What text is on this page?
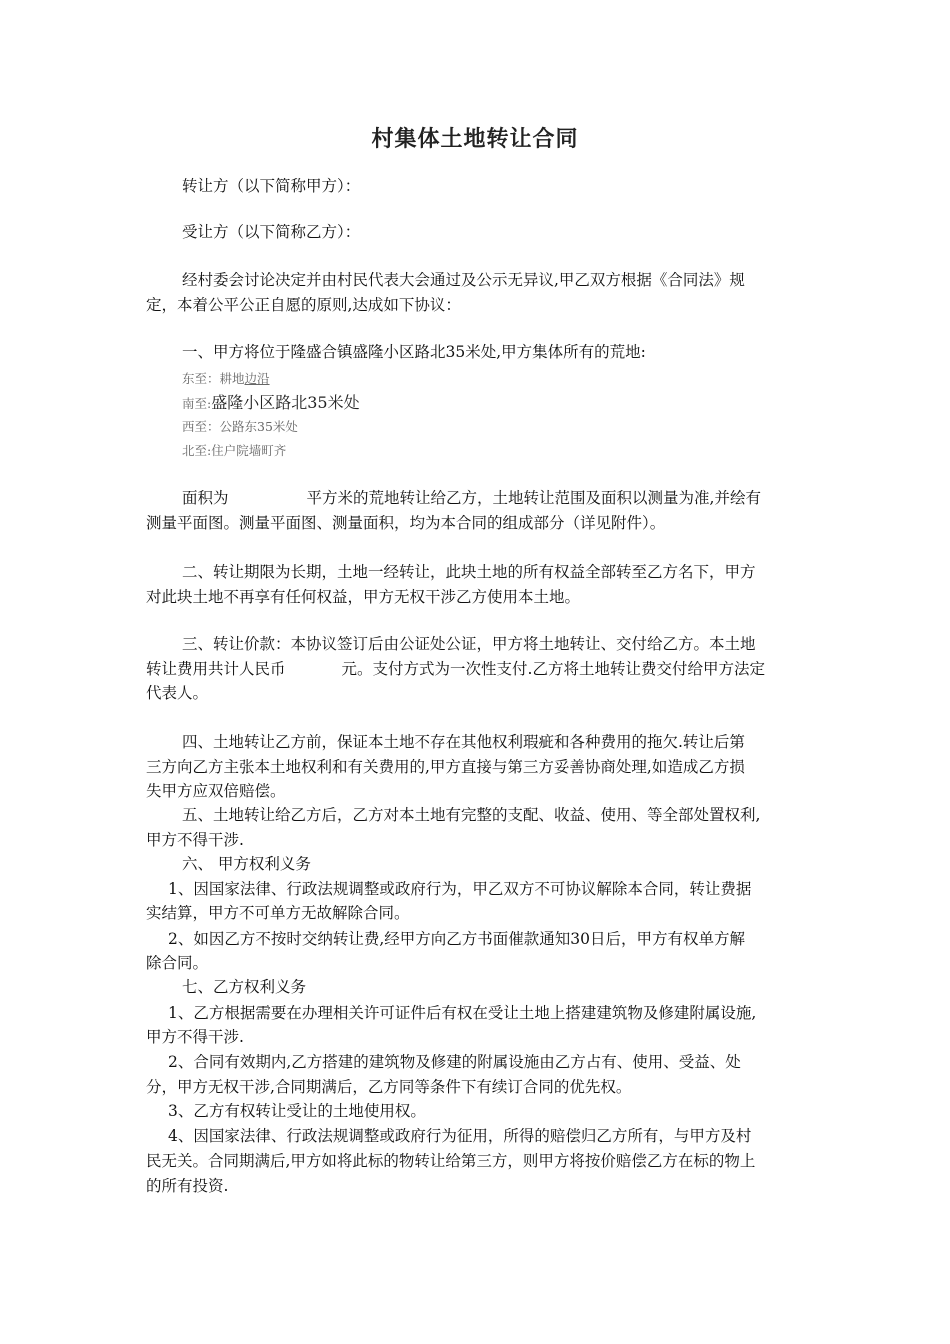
村集体土地转让合同
转让方（以下简称甲方）：
受让方（以下简称乙方）：
经村委会讨论决定并由村民代表大会通过及公示无异议,甲乙双方根据《合同法》规
定，本着公平公正自愿的原则,达成如下协议：
一、甲方将位于隆盛合镇盛隆小区路北35米处,甲方集体所有的荒地:
东至：耕地边沿
南至:盛隆小区路北35米处
西至：公路东35米处
北至:住户院墙町齐
面积为	平方米的荒地转让给乙方，土地转让范围及面积以测量为准,并绘有
测量平面图。测量平面图、测量面积，均为本合同的组成部分（详见附件）。
二、转让期限为长期，土地一经转让，此块土地的所有权益全部转至乙方名下，甲方
对此块土地不再享有任何权益，甲方无权干涉乙方使用本土地。
三、转让价款：本协议签订后由公证处公证，甲方将土地转让、交付给乙方。本土地
转让费用共计人民币	元。支付方式为一次性支付.乙方将土地转让费交付给甲方法定
代表人。
四、土地转让乙方前，保证本土地不存在其他权利瑕疵和各种费用的拖欠.转让后第
三方向乙方主张本土地权利和有关费用的,甲方直接与第三方妥善协商处理,如造成乙方损
失甲方应双倍赔偿。
五、土地转让给乙方后，乙方对本土地有完整的支配、收益、使用、等全部处置权利,
甲方不得干涉.
六、 甲方权利义务
1、因国家法律、行政法规调整或政府行为，甲乙双方不可协议解除本合同，转让费据
实结算，甲方不可单方无故解除合同。
2、如因乙方不按时交纳转让费,经甲方向乙方书面催款通知30日后，甲方有权单方解
除合同。
七、乙方权利义务
1、乙方根据需要在办理相关许可证件后有权在受让土地上搭建建筑物及修建附属设施,
甲方不得干涉.
2、合同有效期内,乙方搭建的建筑物及修建的附属设施由乙方占有、使用、受益、处
分，甲方无权干涉,合同期满后，乙方同等条件下有续订合同的优先权。
3、乙方有权转让受让的土地使用权。
4、因国家法律、行政法规调整或政府行为征用，所得的赔偿归乙方所有，与甲方及村
民无关。合同期满后,甲方如将此标的物转让给第三方，则甲方将按价赔偿乙方在标的物上
的所有投资.
